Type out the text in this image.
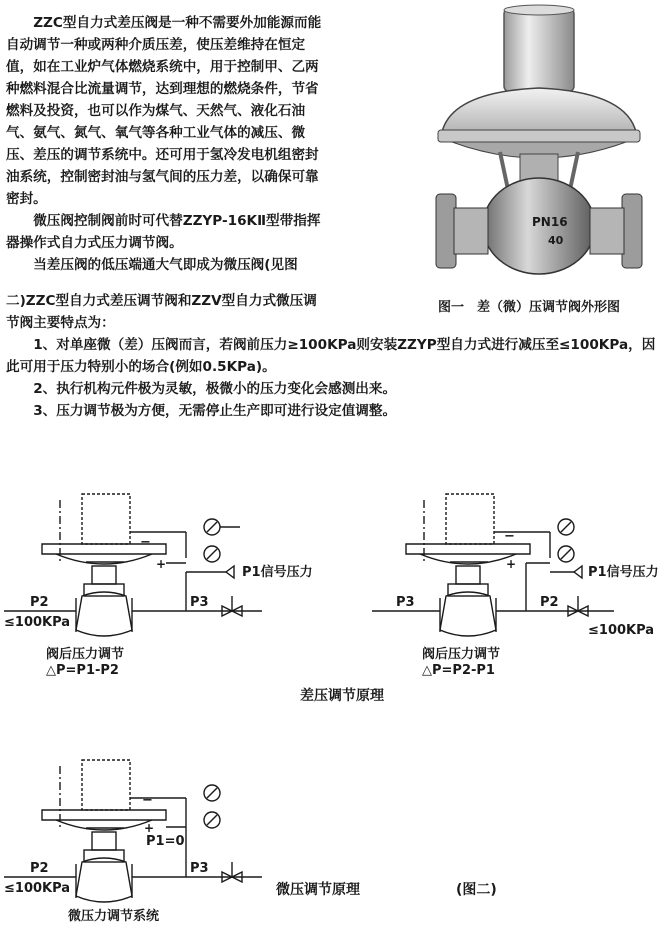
ZZC型自力式差压阀是一种不需要外加能源而能自动调节一种或两种介质压差，使压差维持在恒定值，如在工业炉气体燃烧系统中，用于控制甲、乙两种燃料混合比流量调节，达到理想的燃烧条件，节省燃料及投资，也可以作为煤气、天然气、液化石油气、氨气、氮气、氧气等各种工业气体的减压、微压、差压的调节系统中。还可用于氢冷发电机组密封油系统，控制密封油与氢气间的压力差，以确保可靠密封。

微压阀控制阀前时可代替ZZYP-16KⅡ型带指挥器操作式自力式压力调节阀。

当差压阀的低压端通大气即成为微压阀(见图

PN16
40
图一　差（微）压调节阀外形图
二)ZZC型自力式差压调节阀和ZZV型自力式微压调
节阀主要特点为：

1、对单座微（差）压阀而言，若阀前压力≥100KPa则安装ZZYP型自力式进行减压至≤100KPa，因此可用于压力特别小的场合(例如0.5KPa)。

2、执行机构元件极为灵敏，极微小的压力变化会感测出来。

3、压力调节极为方便，无需停止生产即可进行设定值调整。

−
+
P1信号压力
P2	P3
≤100KPa
阀后压力调节
△P=P1-P2
−
+
P1信号压力
P3	P2
≤100KPa
阀后压力调节
△P=P2-P1
差压调节原理
−
+
P1=0
P2	P3
≤100KPa
微压力调节系统
微压调节原理	(图二)
